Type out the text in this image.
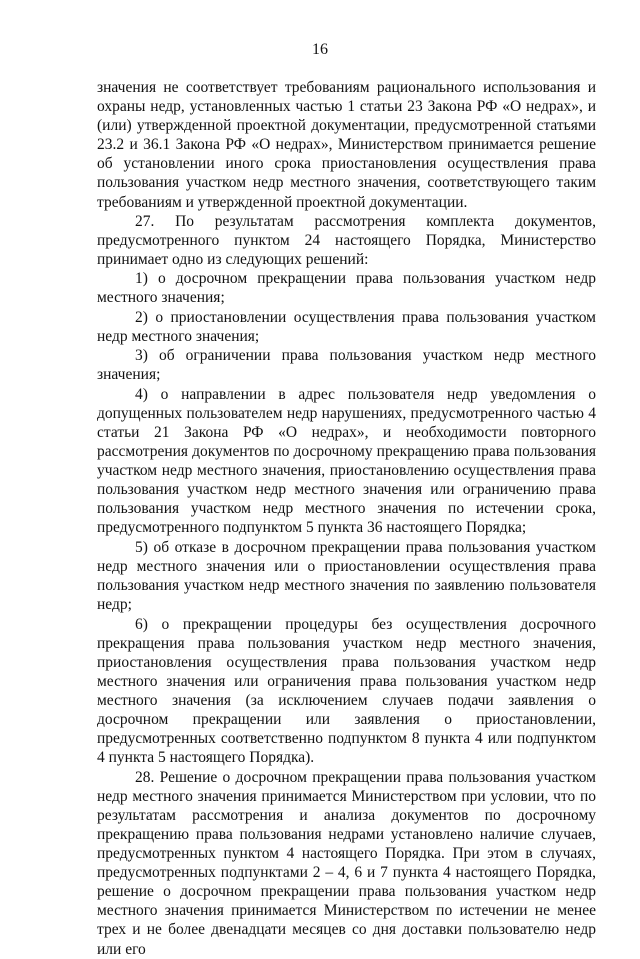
16

значения не соответствует требованиям рационального использования и охраны недр, установленных частью 1 статьи 23 Закона РФ «О недрах», и (или) утвержденной проектной документации, предусмотренной статьями 23.2 и 36.1 Закона РФ «О недрах», Министерством принимается решение об установлении иного срока приостановления осуществления права пользования участком недр местного значения, соответствующего таким требованиям и утвержденной проектной документации.

27. По результатам рассмотрения комплекта документов, предусмотренного пунктом 24 настоящего Порядка, Министерство принимает одно из следующих решений:

1) о досрочном прекращении права пользования участком недр местного значения;

2) о приостановлении осуществления права пользования участком недр местного значения;

3) об ограничении права пользования участком недр местного значения;

4) о направлении в адрес пользователя недр уведомления о допущенных пользователем недр нарушениях, предусмотренного частью 4 статьи 21 Закона РФ «О недрах», и необходимости повторного рассмотрения документов по досрочному прекращению права пользования участком недр местного значения, приостановлению осуществления права пользования участком недр местного значения или ограничению права пользования участком недр местного значения по истечении срока, предусмотренного подпунктом 5 пункта 36 настоящего Порядка;

5) об отказе в досрочном прекращении права пользования участком недр местного значения или о приостановлении осуществления права пользования участком недр местного значения по заявлению пользователя недр;

6) о прекращении процедуры без осуществления досрочного прекращения права пользования участком недр местного значения, приостановления осуществления права пользования участком недр местного значения или ограничения права пользования участком недр местного значения (за исключением случаев подачи заявления о досрочном прекращении или заявления о приостановлении, предусмотренных соответственно подпунктом 8 пункта 4 или подпунктом 4 пункта 5 настоящего Порядка).

28. Решение о досрочном прекращении права пользования участком недр местного значения принимается Министерством при условии, что по результатам рассмотрения и анализа документов по досрочному прекращению права пользования недрами установлено наличие случаев, предусмотренных пунктом 4 настоящего Порядка. При этом в случаях, предусмотренных подпунктами 2 – 4, 6 и 7 пункта 4 настоящего Порядка, решение о досрочном прекращении права пользования участком недр местного значения принимается Министерством по истечении не менее трех и не более двенадцати месяцев со дня доставки пользователю недр или его
